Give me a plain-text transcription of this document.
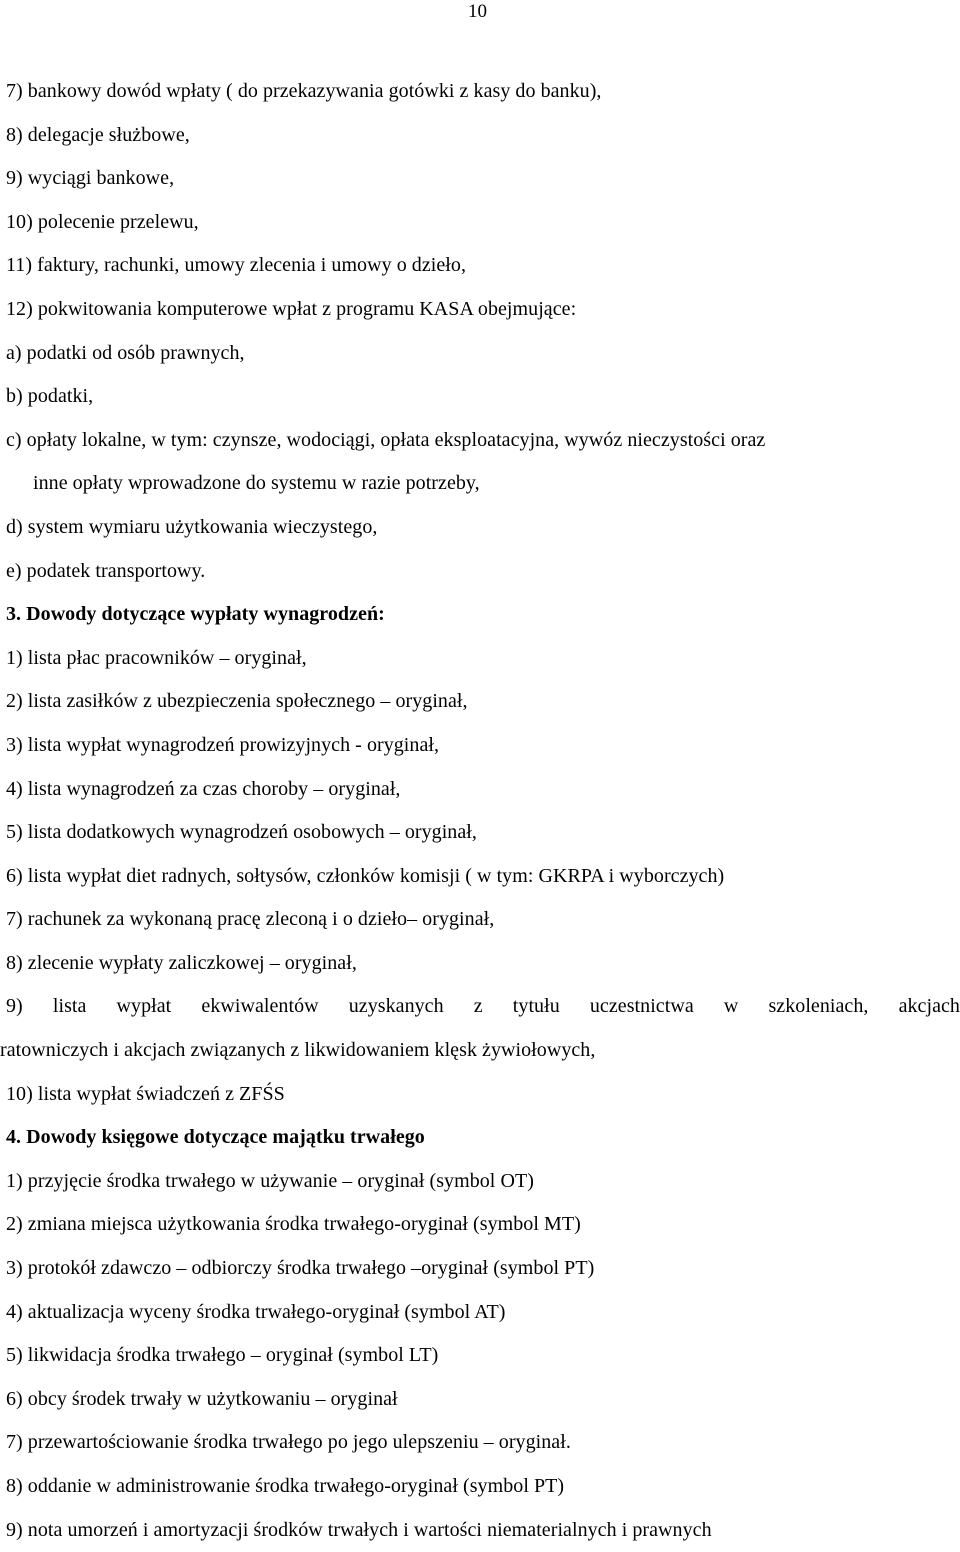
10
7) bankowy dowód wpłaty ( do przekazywania gotówki z kasy do banku),
8) delegacje służbowe,
9) wyciągi bankowe,
10) polecenie przelewu,
11) faktury, rachunki, umowy zlecenia i umowy o dzieło,
12) pokwitowania komputerowe wpłat z programu KASA obejmujące:
a) podatki od osób prawnych,
b) podatki,
c) opłaty lokalne, w tym: czynsze, wodociągi, opłata eksploatacyjna, wywóz nieczystości oraz
inne opłaty wprowadzone do systemu w razie potrzeby,
d) system wymiaru użytkowania wieczystego,
e) podatek transportowy.
3. Dowody dotyczące wypłaty wynagrodzeń:
1) lista płac pracowników – oryginał,
2) lista zasiłków z ubezpieczenia społecznego – oryginał,
3) lista wypłat wynagrodzeń prowizyjnych - oryginał,
4) lista wynagrodzeń za czas choroby – oryginał,
5) lista dodatkowych wynagrodzeń osobowych – oryginał,
6) lista wypłat diet radnych, sołtysów, członków komisji ( w tym: GKRPA i wyborczych)
7) rachunek za wykonaną pracę zleconą i o dzieło– oryginał,
8) zlecenie wypłaty zaliczkowej – oryginał,
9) lista wypłat ekwiwalentów uzyskanych z tytułu uczestnictwa w szkoleniach, akcjach
ratowniczych i akcjach związanych z likwidowaniem klęsk żywiołowych,
10) lista wypłat świadczeń z ZFŚS
4. Dowody księgowe dotyczące majątku trwałego
1) przyjęcie środka trwałego w używanie – oryginał (symbol OT)
2) zmiana miejsca użytkowania środka trwałego-oryginał (symbol MT)
3) protokół zdawczo – odbiorczy środka trwałego –oryginał (symbol PT)
4) aktualizacja wyceny środka trwałego-oryginał (symbol AT)
5) likwidacja środka trwałego – oryginał (symbol LT)
6) obcy środek trwały w użytkowaniu – oryginał
7) przewartościowanie środka trwałego po jego ulepszeniu – oryginał.
8) oddanie w administrowanie środka trwałego-oryginał (symbol PT)
9) nota umorzeń i amortyzacji środków trwałych i wartości niematerialnych i prawnych
